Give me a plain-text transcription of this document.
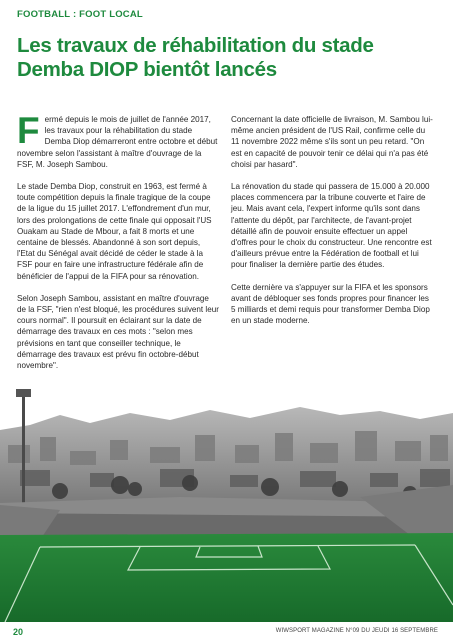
FOOTBALL : FOOT LOCAL
Les travaux de réhabilitation du stade Demba DIOP bientôt lancés

Fermé depuis le mois de juillet de l'année 2017, les travaux pour la réhabilitation du stade Demba Diop démarreront entre octobre et début novembre selon l'assistant à maître d'ouvrage de la FSF, M. Joseph Sambou.

Le stade Demba Diop, construit en 1963, est fermé à toute compétition depuis la finale tragique de la coupe de la ligue du 15 juillet 2017. L'effondrement d'un mur, lors des prolongations de cette finale qui opposait l'US Ouakam au Stade de Mbour, a fait 8 morts et une centaine de blessés. Abandonné à son sort depuis, l'Etat du Sénégal avait décidé de céder le stade à la FSF pour en faire une infrastructure fédérale afin de bénéficier de l'appui de la FIFA pour sa rénovation.

Selon Joseph Sambou, assistant en maître d'ouvrage de la FSF, "rien n'est bloqué, les procédures suivent leur cours normal". Il poursuit en éclairant sur la date de démarrage des travaux en ces mots : "selon mes prévisions en tant que conseiller technique, le démarrage des travaux est prévu fin octobre-début novembre".

Concernant la date officielle de livraison, M. Sambou lui-même ancien président de l'US Rail, confirme celle du 11 novembre 2022 même s'ils sont un peu retard. "On est en capacité de pouvoir tenir ce délai qui n'a pas été choisi par hasard".

La rénovation du stade qui passera de 15.000 à 20.000 places commencera par la tribune couverte et l'aire de jeu. Mais avant cela, l'expert informe qu'ils sont dans l'attente du dépôt, par l'architecte, de l'avant-projet détaillé afin de pouvoir ensuite effectuer un appel d'offres pour le choix du constructeur. Une rencontre est d'ailleurs prévue entre la Fédération de football et lui pour finaliser la dernière partie des études.

Cette dernière va s'appuyer sur la FIFA et les sponsors avant de débloquer ses fonds propres pour financer les 5 milliards et demi requis pour transformer Demba Diop en un stade moderne.

20	WIWSPORT MAGAZINE N°09 DU JEUDI 16 SEPTEMBRE
